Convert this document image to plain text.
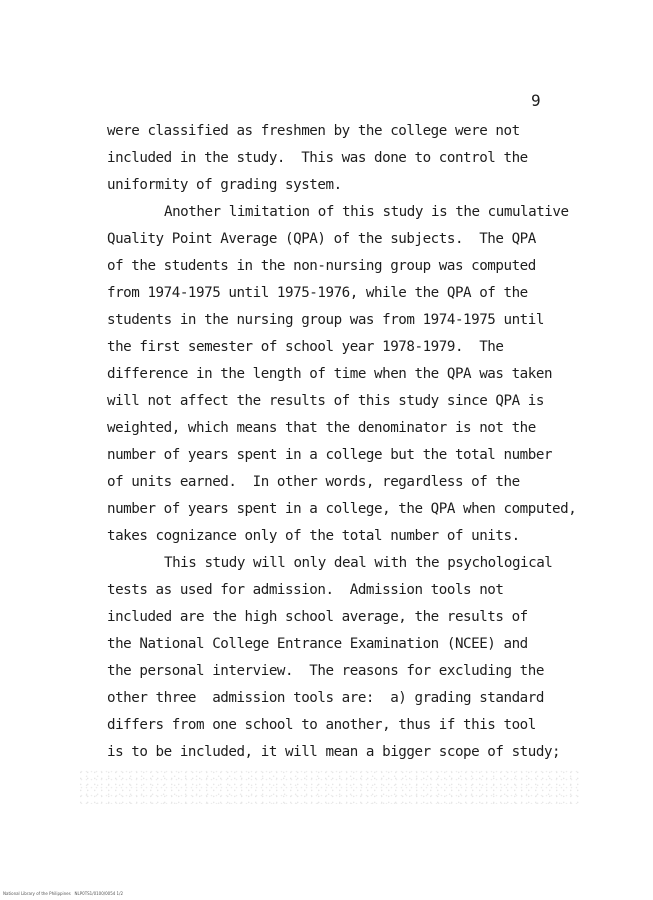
9
were classified as freshmen by the college were not
included in the study.  This was done to control the
uniformity of grading system.
Another limitation of this study is the cumulative
Quality Point Average (QPA) of the subjects.  The QPA
of the students in the non-nursing group was computed
from 1974-1975 until 1975-1976, while the QPA of the
students in the nursing group was from 1974-1975 until
the first semester of school year 1978-1979.  The
difference in the length of time when the QPA was taken
will not affect the results of this study since QPA is
weighted, which means that the denominator is not the
number of years spent in a college but the total number
of units earned.  In other words, regardless of the
number of years spent in a college, the QPA when computed,
takes cognizance only of the total number of units.
This study will only deal with the psychological
tests as used for admission.  Admission tools not
included are the high school average, the results of
the National College Entrance Examination (NCEE) and
the personal interview.  The reasons for excluding the
other three  admission tools are:  a) grading standard
differs from one school to another, thus if this tool
is to be included, it will mean a bigger scope of study;
National Library of the Philippines   NLP0TS1/0100/0054 1/2
